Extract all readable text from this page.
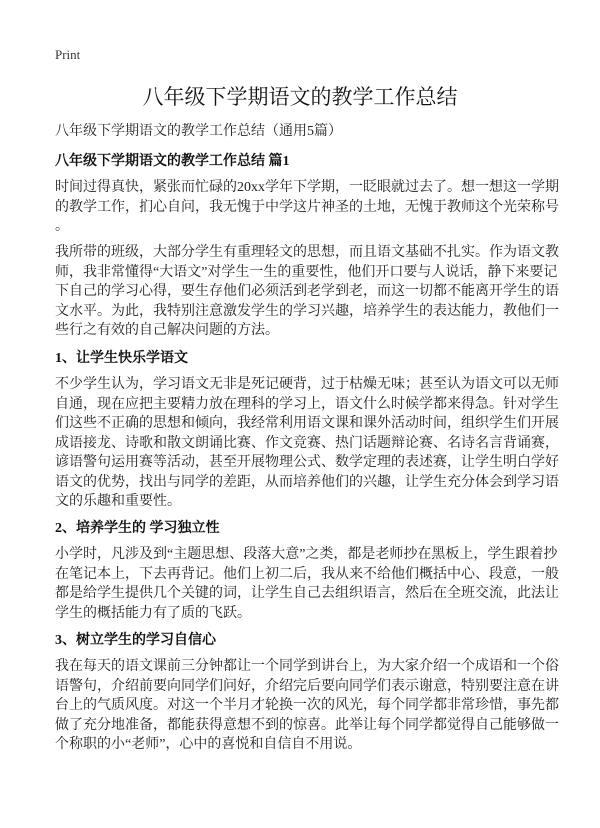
Print
八年级下学期语文的教学工作总结
八年级下学期语文的教学工作总结（通用5篇）
八年级下学期语文的教学工作总结 篇1
时间过得真快，紧张而忙碌的20xx学年下学期，一眨眼就过去了。想一想这一学期
的教学工作，扪心自问，我无愧于中学这片神圣的土地，无愧于教师这个光荣称号
。
我所带的班级，大部分学生有重理轻文的思想，而且语文基础不扎实。作为语文教
师，我非常懂得“大语文”对学生一生的重要性，他们开口要与人说话，静下来要记
下自己的学习心得，要生存他们必须活到老学到老，而这一切都不能离开学生的语
文水平。为此，我特别注意激发学生的学习兴趣，培养学生的表达能力，教他们一
些行之有效的自己解决问题的方法。
1、让学生快乐学语文
不少学生认为，学习语文无非是死记硬背，过于枯燥无味；甚至认为语文可以无师
自通，现在应把主要精力放在理科的学习上，语文什么时候学都来得急。针对学生
们这些不正确的思想和倾向，我经常利用语文课和课外活动时间，组织学生们开展
成语接龙、诗歌和散文朗诵比赛、作文竞赛、热门话题辩论赛、名诗名言背诵赛，
谚语警句运用赛等活动，甚至开展物理公式、数学定理的表述赛，让学生明白学好
语文的优势，找出与同学的差距，从而培养他们的兴趣，让学生充分体会到学习语
文的乐趣和重要性。
2、培养学生的 学习独立性
小学时，凡涉及到“主题思想、段落大意”之类，都是老师抄在黑板上，学生跟着抄
在笔记本上，下去再背记。他们上初二后，我从来不给他们概括中心、段意，一般
都是给学生提供几个关键的词，让学生自己去组织语言，然后在全班交流，此法让
学生的概括能力有了质的飞跃。
3、树立学生的学习自信心
我在每天的语文课前三分钟都让一个同学到讲台上，为大家介绍一个成语和一个俗
语警句，介绍前要向同学们问好，介绍完后要向同学们表示谢意，特别要注意在讲
台上的气质风度。对这一个半月才轮换一次的风光，每个同学都非常珍惜，事先都
做了充分地准备，都能获得意想不到的惊喜。此举让每个同学都觉得自己能够做一
个称职的小“老师”，心中的喜悦和自信自不用说。
